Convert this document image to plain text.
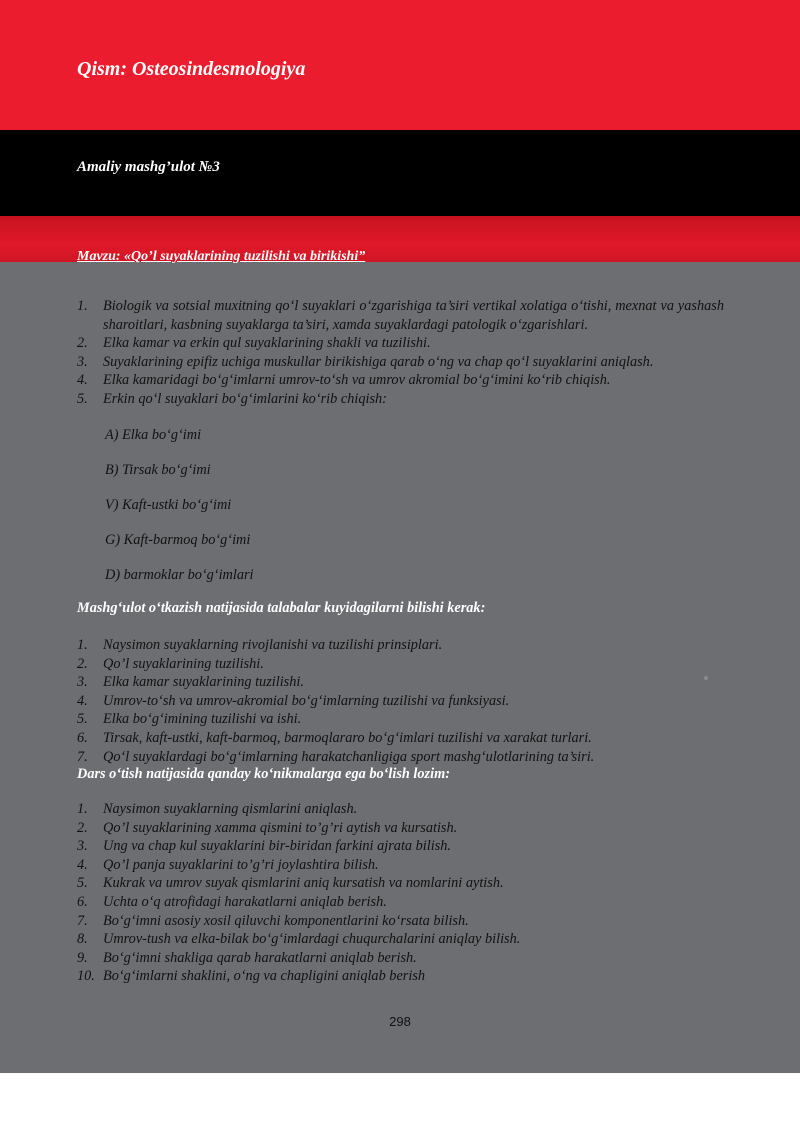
Qism: Osteosindesmologiya
Amaliy mashg’ulot №3
Mavzu: «Qo’l suyaklarining tuzilishi va birikishi”
1. Biologik va sotsial muxitning qo‘l suyaklari o‘zgarishiga ta’siri vertikal xolatiga o‘tishi, mexnat va yashash sharoitlari, kasbning suyaklarga ta’siri, xamda suyaklardagi patologik o‘zgarishlari.
2. Elka kamar va erkin qul suyaklarining shakli va tuzilishi.
3. Suyaklarining epifiz uchiga muskullar birikishiga qarab o‘ng va chap qo‘l suyaklarini aniqlash.
4. Elka kamaridagi bo‘g‘imlarni umrov-to‘sh va umrov akromial bo‘g‘imini ko‘rib chiqish.
5. Erkin qo‘l suyaklari bo‘g‘imlarini ko‘rib chiqish:

A) Elka bo‘g‘imi

B) Tirsak bo‘g‘imi

V) Kaft-ustki bo‘g‘imi

G) Kaft-barmoq bo‘g‘imi

D) barmoklar bo‘g‘imlari

Mashg‘ulot o‘tkazish natijasida talabalar kuyidagilarni bilishi kerak:

1. Naysimon suyaklarning rivojlanishi va tuzilishi prinsiplari.
2. Qo’l suyaklarining tuzilishi.
3. Elka kamar suyaklarining tuzilishi.
4. Umrov-to‘sh va umrov-akromial bo‘g‘imlarning tuzilishi va funksiyasi.
5. Elka bo‘g‘imining tuzilishi va ishi.
6. Tirsak, kaft-ustki, kaft-barmoq, barmoqlararo bo‘g‘imlari tuzilishi va xarakat turlari.
7. Qo‘l suyaklardagi bo‘g‘imlarning harakatchanligiga sport mashg‘ulotlarining ta’siri.

Dars o‘tish natijasida qanday ko‘nikmalarga ega bo‘lish lozim:

1. Naysimon suyaklarning qismlarini aniqlash.
2. Qo’l suyaklarining xamma qismini to’g’ri aytish va kursatish.
3. Ung va chap kul suyaklarini bir-biridan farkini ajrata bilish.
4. Qo’l panja suyaklarini to’g’ri joylashtira bilish.
5. Kukrak va umrov suyak qismlarini aniq kursatish va nomlarini aytish.
6. Uchta o‘q atrofidagi harakatlarni aniqlab berish.
7. Bo‘g‘imni asosiy xosil qiluvchi komponentlarini ko‘rsata bilish.
8. Umrov-tush va elka-bilak bo‘g‘imlardagi chuqurchalarini aniqlay bilish.
9. Bo‘g‘imni shakliga qarab harakatlarni aniqlab berish.
10. Bo‘g‘imlarni shaklini, o‘ng va chapligini aniqlab berish

298
